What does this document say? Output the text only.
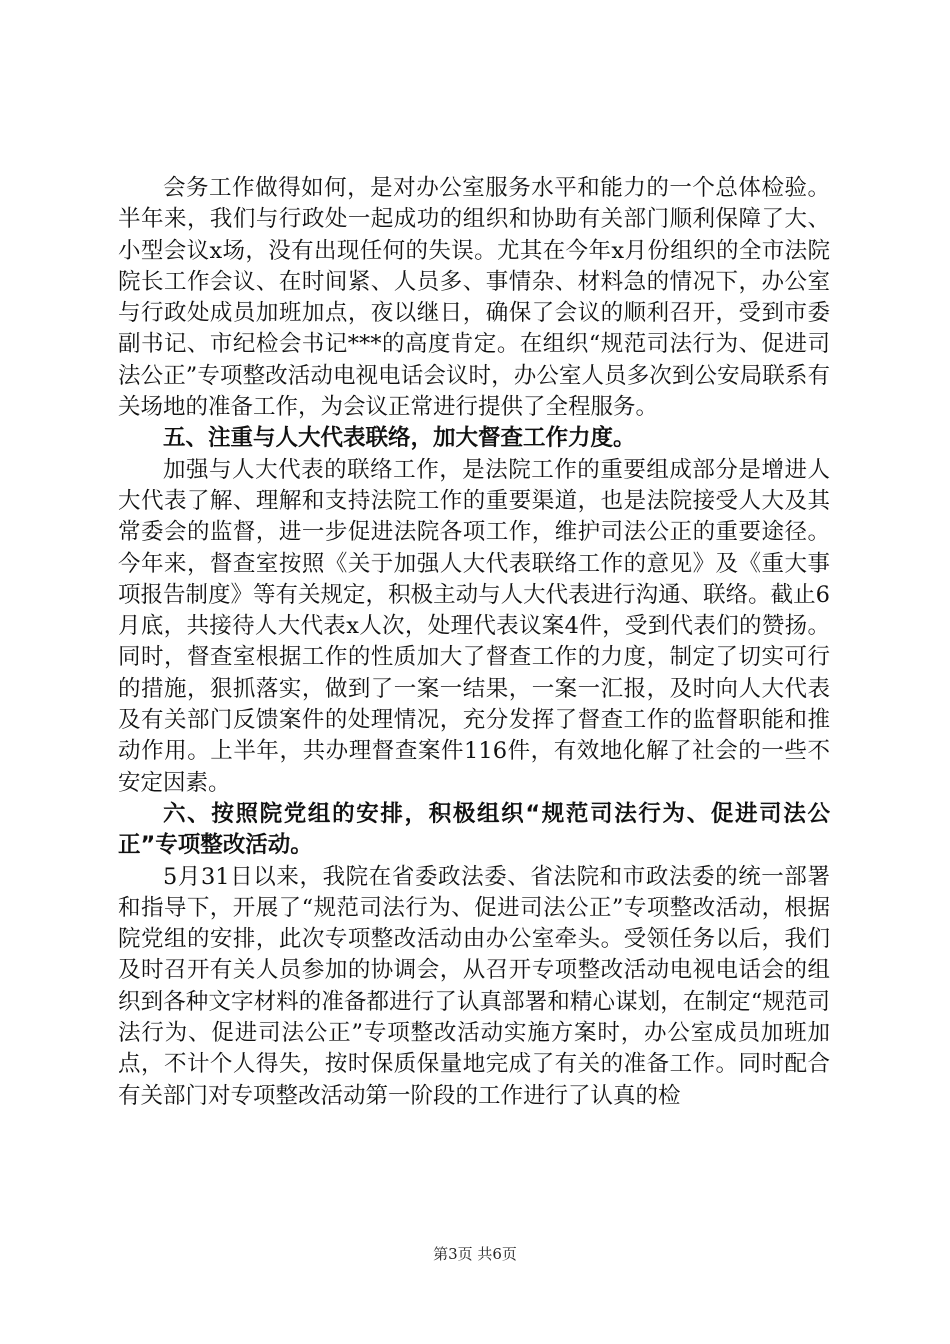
会务工作做得如何，是对办公室服务水平和能力的一个总体检验。半年来，我们与行政处一起成功的组织和协助有关部门顺利保障了大、小型会议x场，没有出现任何的失误。尤其在今年x月份组织的全市法院院长工作会议、在时间紧、人员多、事情杂、材料急的情况下，办公室与行政处成员加班加点，夜以继日，确保了会议的顺利召开，受到市委副书记、市纪检会书记***的高度肯定。在组织“规范司法行为、促进司法公正”专项整改活动电视电话会议时，办公室人员多次到公安局联系有关场地的准备工作，为会议正常进行提供了全程服务。

五、注重与人大代表联络，加大督查工作力度。

加强与人大代表的联络工作，是法院工作的重要组成部分是增进人大代表了解、理解和支持法院工作的重要渠道，也是法院接受人大及其常委会的监督，进一步促进法院各项工作，维护司法公正的重要途径。今年来，督查室按照《关于加强人大代表联络工作的意见》及《重大事项报告制度》等有关规定，积极主动与人大代表进行沟通、联络。截止6月底，共接待人大代表x人次，处理代表议案4件，受到代表们的赞扬。同时，督查室根据工作的性质加大了督查工作的力度，制定了切实可行的措施，狠抓落实，做到了一案一结果，一案一汇报，及时向人大代表及有关部门反馈案件的处理情况，充分发挥了督查工作的监督职能和推动作用。上半年，共办理督查案件116件，有效地化解了社会的一些不安定因素。

六、按照院党组的安排，积极组织“规范司法行为、促进司法公正”专项整改活动。

5月31日以来，我院在省委政法委、省法院和市政法委的统一部署和指导下，开展了“规范司法行为、促进司法公正”专项整改活动，根据院党组的安排，此次专项整改活动由办公室牵头。受领任务以后，我们及时召开有关人员参加的协调会，从召开专项整改活动电视电话会的组织到各种文字材料的准备都进行了认真部署和精心谋划，在制定“规范司法行为、促进司法公正”专项整改活动实施方案时，办公室成员加班加点，不计个人得失，按时保质保量地完成了有关的准备工作。同时配合有关部门对专项整改活动第一阶段的工作进行了认真的检

第3页 共6页
